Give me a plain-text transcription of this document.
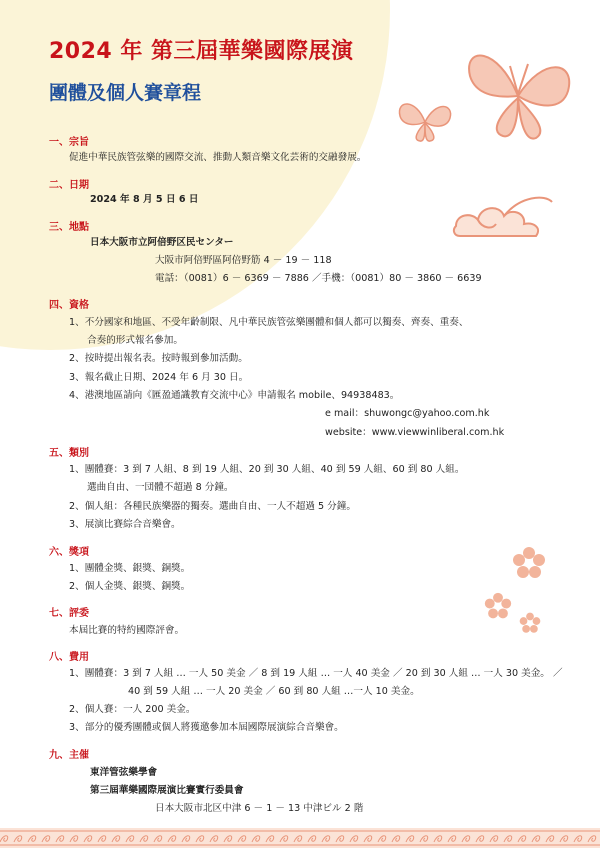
2024 年 第三屆華樂國際展演
團體及個人賽章程
一、宗旨
促進中華民族管弦樂的國際交流、推動人類音樂文化芸術的交融發展。
二、日期
2024 年 8 月 5 日 6 日
三、地點
日本大阪市立阿倍野区民センター
大阪市阿倍野區阿倍野筋 4 － 19 － 118
電話：（0081）6 － 6369 － 7886 ／手機：（0081）80 － 3860 － 6639
四、資格
1、不分國家和地區、不受年齡制限、凡中華民族管弦樂團體和個人都可以獨奏、齊奏、重奏、
合奏的形式報名參加。
2、按時提出報名表。按時報到參加活動。
3、報名截止日期、2024 年 6 月 30 日。
4、港澳地區請向《匯盈通識教育交流中心》申請報名 mobile、94938483。
e mail：shuwongc@yahoo.com.hk
website：www.viewwinliberal.com.hk
五、類別
1、團體賽：3 到 7 人組、8 到 19 人組、20 到 30 人組、40 到 59 人組、60 到 80 人組。
選曲自由、一団體不超過 8 分鐘。
2、個人組：各種民族樂器的獨奏。選曲自由、一人不超過 5 分鐘。
3、展演比賽綜合音樂會。
六、獎項
1、團體金獎、銀獎、銅獎。
2、個人金獎、銀獎、銅獎。
七、評委
本屆比賽的特約國際評會。
八、費用
1、團體賽：3 到 7 人組 … 一人 50 美金 ／ 8 到 19 人組 … 一人 40 美金 ／ 20 到 30 人組 … 一人 30 美金。 ／
40 到 59 人組 … 一人 20 美金 ／ 60 到 80 人組 …一人 10 美金。
2、個人賽：一人 200 美金。
3、部分的優秀團體或個人將獲邀參加本屆國際展演綜合音樂會。
九、主催
東洋管弦樂學會
第三屆華樂國際展演比賽實行委員會
日本大阪市北区中津 6 － 1 － 13 中津ビル 2 階
